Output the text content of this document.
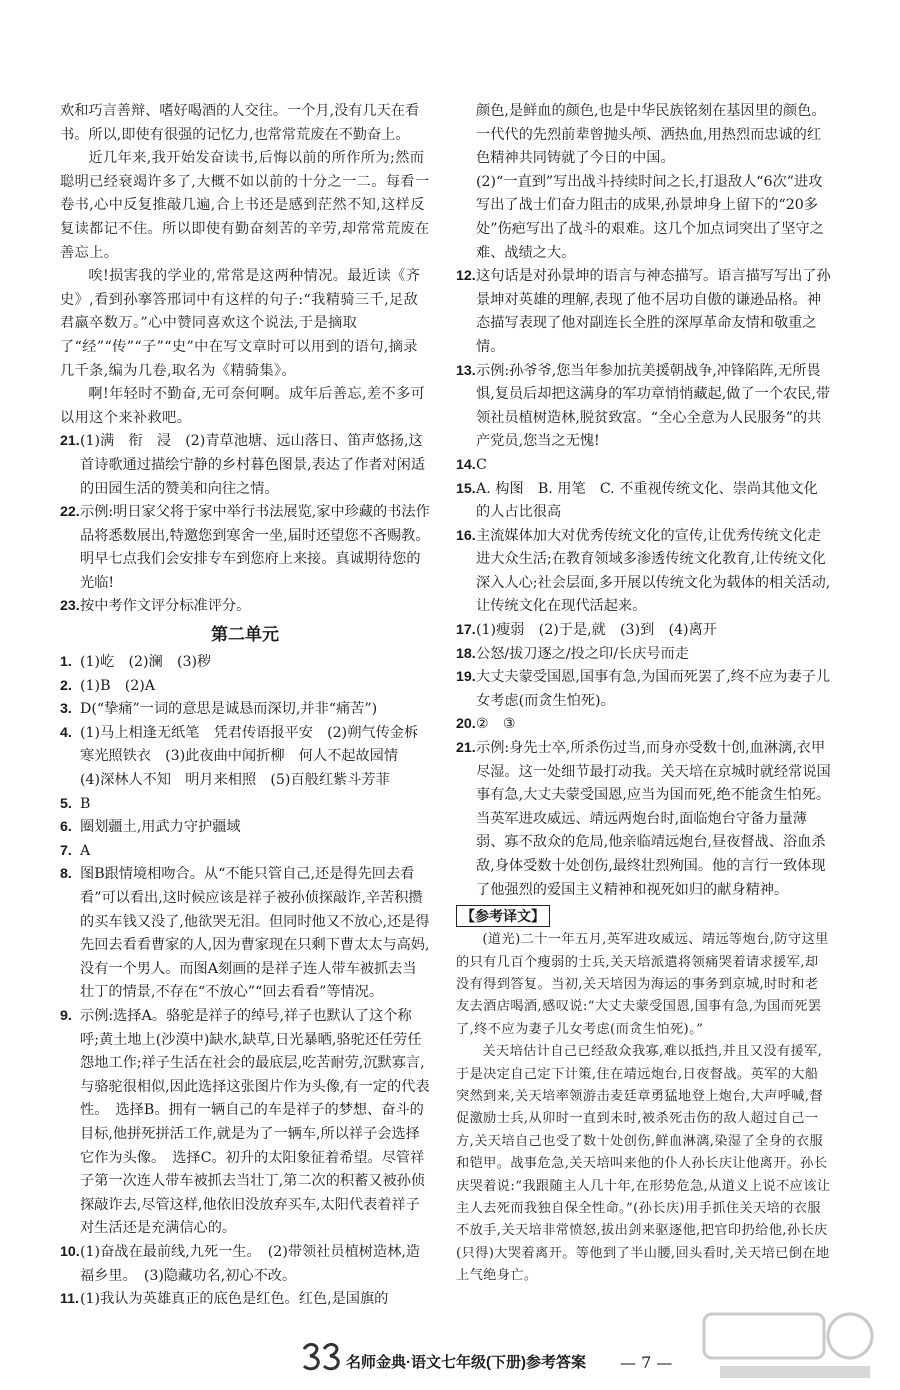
欢和巧言善辩、嗜好喝酒的人交往。一个月,没有几天在看书。所以,即使有很强的记忆力,也常常荒废在不勤奋上。
近几年来,我开始发奋读书,后悔以前的所作所为;然而聪明已经衰竭许多了,大概不如以前的十分之一二。每看一卷书,心中反复推敲几遍,合上书还是感到茫然不知,这样反复读都记不住。所以即使有勤奋刻苦的辛劳,却常常荒废在善忘上。
唉!损害我的学业的,常常是这两种情况。最近读《齐史》,看到孙搴答邢词中有这样的句子:“我精骑三千,足敌君羸卒数万。”心中赞同喜欢这个说法,于是摘取了“经”“传”“子”“史”中在写文章时可以用到的语句,摘录几千条,编为几卷,取名为《精骑集》。
啊!年轻时不勤奋,无可奈何啊。成年后善忘,差不多可以用这个来补救吧。
21. (1)满　衔　浸　(2)青草池塘、远山落日、笛声悠扬,这首诗歌通过描绘宁静的乡村暮色图景,表达了作者对闲适的田园生活的赞美和向往之情。
22. 示例:明日家父将于家中举行书法展览,家中珍藏的书法作品将悉数展出,特邀您到寒舍一坐,届时还望您不吝赐教。明早七点我们会安排专车到您府上来接。真诚期待您的光临!
23. 按中考作文评分标准评分。
第二单元
1. (1)屹　(2)澜　(3)秽
2. (1)B　(2)A
3. D(“挚痛”一词的意思是诚恳而深切,并非“痛苦”)
4. (1)马上相逢无纸笔　凭君传语报平安　(2)朔气传金柝　寒光照铁衣　(3)此夜曲中闻折柳　何人不起故园情　(4)深林人不知　明月来相照　(5)百般红紫斗芳菲
5. B
6. 圈划疆土,用武力守护疆域
7. A
8. 图B跟情境相吻合。从“不能只管自己,还是得先回去看看”可以看出,这时候应该是祥子被孙侦探敲诈,辛苦积攒的买车钱又没了,他欲哭无泪。但同时他又不放心,还是得先回去看看曹家的人,因为曹家现在只剩下曹太太与高妈,没有一个男人。而图A刻画的是祥子连人带车被抓去当壮丁的情景,不存在“不放心”“回去看看”等情况。
9. 示例:选择A。骆驼是祥子的绰号,祥子也默认了这个称呼;黄土地上(沙漠中)缺水,缺草,日光暴晒,骆驼还任劳任怨地工作;祥子生活在社会的最底层,吃苦耐劳,沉默寡言,与骆驼很相似,因此选择这张图片作为头像,有一定的代表性。　选择B。拥有一辆自己的车是祥子的梦想、奋斗的目标,他拼死拼活工作,就是为了一辆车,所以祥子会选择它作为头像。　选择C。初升的太阳象征着希望。尽管祥子第一次连人带车被抓去当壮丁,第二次的积蓄又被孙侦探敲诈去,尽管这样,他依旧没放弃买车,太阳代表着祥子对生活还是充满信心的。
10. (1)奋战在最前线,九死一生。　(2)带领社员植树造林,造福乡里。　(3)隐藏功名,初心不改。
11. (1)我认为英雄真正的底色是红色。红色,是国旗的
颜色,是鲜血的颜色,也是中华民族铭刻在基因里的颜色。一代代的先烈前辈曾抛头颅、洒热血,用热烈而忠诚的红色精神共同铸就了今日的中国。
(2)“一直到”写出战斗持续时间之长,打退敌人“6次”进攻写出了战士们奋力阻击的成果,孙景坤身上留下的“20多处”伤疤写出了战斗的艰难。这几个加点词突出了坚守之难、战绩之大。
12. 这句话是对孙景坤的语言与神态描写。语言描写写出了孙景坤对英雄的理解,表现了他不居功自傲的谦逊品格。神态描写表现了他对副连长全胜的深厚革命友情和敬重之情。
13. 示例:孙爷爷,您当年参加抗美援朝战争,冲锋陷阵,无所畏惧,复员后却把这满身的军功章悄悄藏起,做了一个农民,带领社员植树造林,脱贫致富。“全心全意为人民服务”的共产党员,您当之无愧!
14. C
15. A. 构图　B. 用笔　C. 不重视传统文化、崇尚其他文化的人占比很高
16. 主流媒体加大对优秀传统文化的宣传,让优秀传统文化走进大众生活;在教育领域多渗透传统文化教育,让传统文化深入人心;社会层面,多开展以传统文化为载体的相关活动,让传统文化在现代活起来。
17. (1)瘦弱　(2)于是,就　(3)到　(4)离开
18. 公怒/拔刀逐之/投之印/长庆号而走
19. 大丈夫蒙受国恩,国事有急,为国而死罢了,终不应为妻子儿女考虑(而贪生怕死)。
20. ②　③
21. 示例:身先士卒,所杀伤过当,而身亦受数十创,血淋漓,衣甲尽湿。这一处细节最打动我。关天培在京城时就经常说国事有急,大丈夫蒙受国恩,应当为国而死,绝不能贪生怕死。当英军进攻威远、靖远两炮台时,面临炮台守备力量薄弱、寡不敌众的危局,他亲临靖远炮台,昼夜督战、浴血杀敌,身体受数十处创伤,最终壮烈殉国。他的言行一致体现了他强烈的爱国主义精神和视死如归的献身精神。
【参考译文】
(道光)二十一年五月,英军进攻威远、靖远等炮台,防守这里的只有几百个瘦弱的士兵,关天培派遣将领痛哭着请求援军,却没有得到答复。当初,关天培因为海运的事务到京城,时时和老友去酒店喝酒,感叹说:“大丈夫蒙受国恩,国事有急,为国而死罢了,终不应为妻子儿女考虑(而贪生怕死)。”
关天培估计自己已经敌众我寡,难以抵挡,并且又没有援军,于是决定自己定下计策,住在靖远炮台,日夜督战。英军的大船突然到来,关天培率领游击麦廷章勇猛地登上炮台,大声呼喊,督促激励士兵,从卯时一直到未时,被杀死击伤的敌人超过自己一方,关天培自己也受了数十处创伤,鲜血淋漓,染湿了全身的衣服和铠甲。战事危急,关天培叫来他的仆人孙长庆让他离开。孙长庆哭着说:“我跟随主人几十年,在形势危急,从道义上说不应该让主人去死而我独自保全性命。”(孙长庆)用手抓住关天培的衣服不放手,关天培非常愤怒,拔出剑来驱逐他,把官印扔给他,孙长庆(只得)大哭着离开。等他到了半山腰,回头看时,关天培已倒在地上气绝身亡。
名师金典·语文七年级(下册)参考答案 — 7 —
